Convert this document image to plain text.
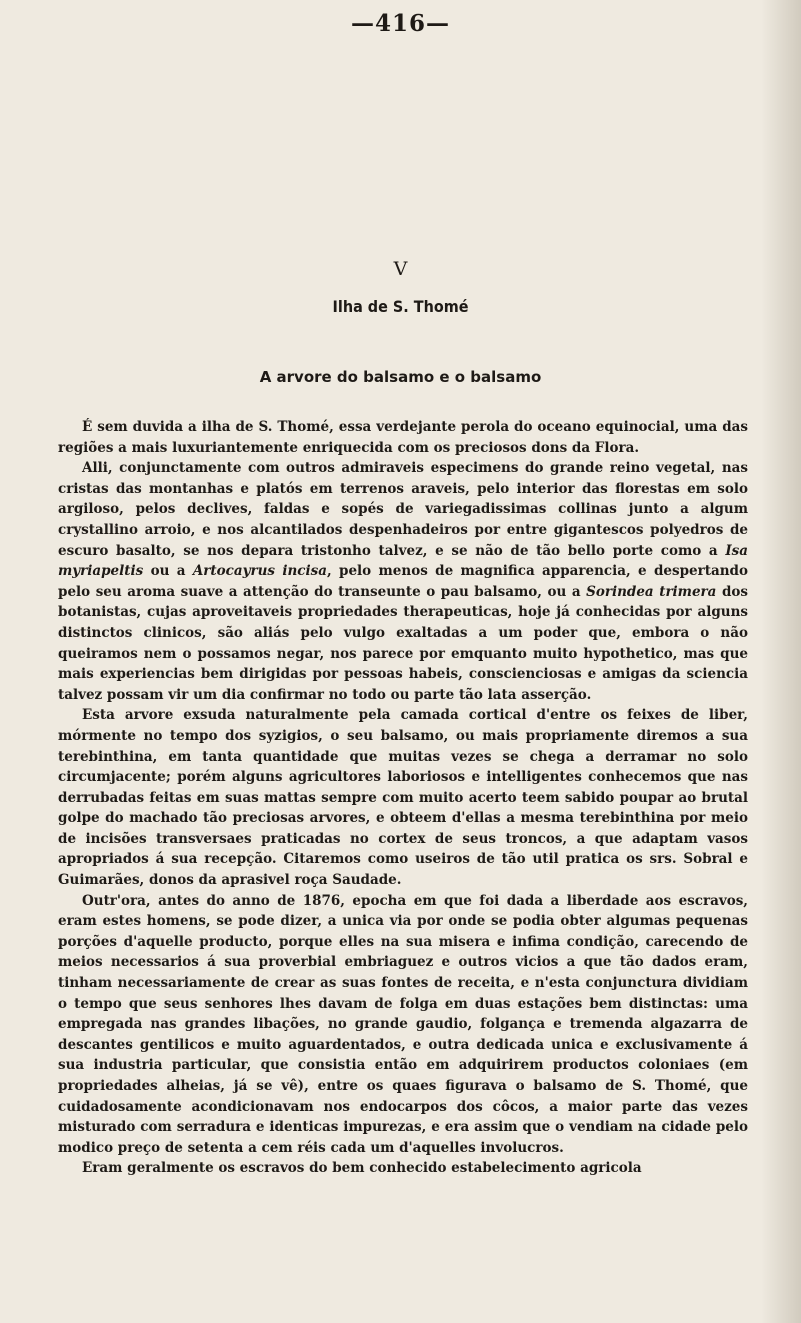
—416—
V
Ilha de S. Thomé
A arvore do balsamo e o balsamo

É sem duvida a ilha de S. Thomé, essa verdejante perola do oceano equinocial, uma das regiões a mais luxuriantemente enriquecida com os preciosos dons da Flora.

Alli, conjunctamente com outros admiraveis especimens do grande reino vegetal, nas cristas das montanhas e platós em terrenos araveis, pelo interior das florestas em solo argiloso, pelos declives, faldas e sopés de variegadissimas collinas junto a algum crystallino arroio, e nos alcantilados despenhadeiros por entre gigantescos polyedros de escuro basalto, se nos depara tristonho talvez, e se não de tão bello porte como a Isa myriapeltis ou a Artocayrus incisa, pelo menos de magnifica apparencia, e despertando pelo seu aroma suave a attenção do transeunte o pau balsamo, ou a Sorindea trimera dos botanistas, cujas aproveitaveis propriedades therapeuticas, hoje já conhecidas por alguns distinctos clinicos, são aliás pelo vulgo exaltadas a um poder que, embora o não queiramos nem o possamos negar, nos parece por emquanto muito hypothetico, mas que mais experiencias bem dirigidas por pessoas habeis, conscienciosas e amigas da sciencia talvez possam vir um dia confirmar no todo ou parte tão lata asserção.

Esta arvore exsuda naturalmente pela camada cortical d'entre os feixes de liber, mórmente no tempo dos syzigios, o seu balsamo, ou mais propriamente diremos a sua terebinthina, em tanta quantidade que muitas vezes se chega a derramar no solo circumjacente; porém alguns agricultores laboriosos e intelligentes conhecemos que nas derrubadas feitas em suas mattas sempre com muito acerto teem sabido poupar ao brutal golpe do machado tão preciosas arvores, e obteem d'ellas a mesma terebinthina por meio de incisões transversaes praticadas no cortex de seus troncos, a que adaptam vasos apropriados á sua recepção. Citaremos como useiros de tão util pratica os srs. Sobral e Guimarães, donos da aprasivel roça Saudade.

Outr'ora, antes do anno de 1876, epocha em que foi dada a liberdade aos escravos, eram estes homens, se pode dizer, a unica via por onde se podia obter algumas pequenas porções d'aquelle producto, porque elles na sua misera e infima condição, carecendo de meios necessarios á sua proverbial embriaguez e outros vicios a que tão dados eram, tinham necessariamente de crear as suas fontes de receita, e n'esta conjunctura dividiam o tempo que seus senhores lhes davam de folga em duas estações bem distinctas: uma empregada nas grandes libações, no grande gaudio, folgança e tremenda algazarra de descantes gentilicos e muito aguardentados, e outra dedicada unica e exclusivamente á sua industria particular, que consistia então em adquirirem productos coloniaes (em propriedades alheias, já se vê), entre os quaes figurava o balsamo de S. Thomé, que cuidadosamente acondicionavam nos endocarpos dos côcos, a maior parte das vezes misturado com serradura e identicas impurezas, e era assim que o vendiam na cidade pelo modico preço de setenta a cem réis cada um d'aquelles involucros.

Eram geralmente os escravos do bem conhecido estabelecimento agricola
